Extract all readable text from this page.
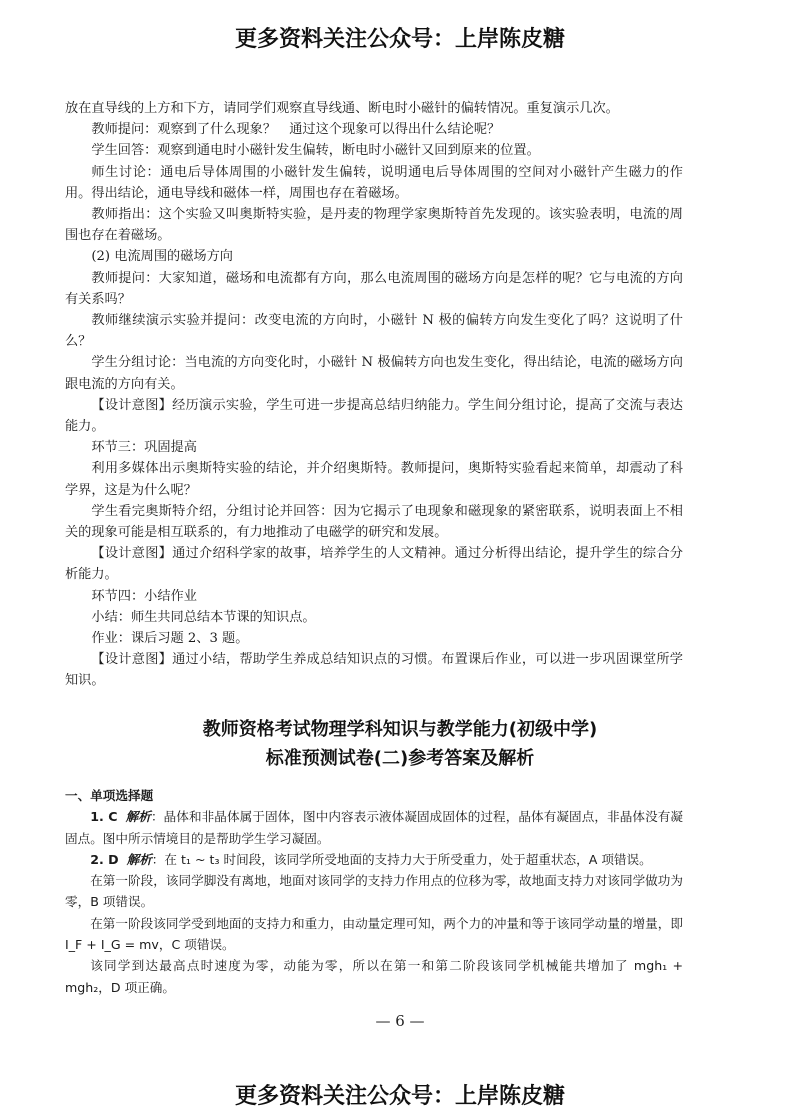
更多资料关注公众号：上岸陈皮糖

放在直导线的上方和下方，请同学们观察直导线通、断电时小磁针的偏转情况。重复演示几次。

教师提问：观察到了什么现象？　通过这个现象可以得出什么结论呢？

学生回答：观察到通电时小磁针发生偏转，断电时小磁针又回到原来的位置。

师生讨论：通电后导体周围的小磁针发生偏转，说明通电后导体周围的空间对小磁针产生磁力的作用。得出结论，通电导线和磁体一样，周围也存在着磁场。

教师指出：这个实验又叫奥斯特实验，是丹麦的物理学家奥斯特首先发现的。该实验表明，电流的周围也存在着磁场。

(2) 电流周围的磁场方向

教师提问：大家知道，磁场和电流都有方向，那么电流周围的磁场方向是怎样的呢？它与电流的方向有关系吗？

教师继续演示实验并提问：改变电流的方向时，小磁针 N 极的偏转方向发生变化了吗？这说明了什么？

学生分组讨论：当电流的方向变化时，小磁针 N 极偏转方向也发生变化，得出结论，电流的磁场方向跟电流的方向有关。

【设计意图】经历演示实验，学生可进一步提高总结归纳能力。学生间分组讨论，提高了交流与表达能力。

环节三：巩固提高

利用多媒体出示奥斯特实验的结论，并介绍奥斯特。教师提问，奥斯特实验看起来简单，却震动了科学界，这是为什么呢？

学生看完奥斯特介绍，分组讨论并回答：因为它揭示了电现象和磁现象的紧密联系，说明表面上不相关的现象可能是相互联系的，有力地推动了电磁学的研究和发展。

【设计意图】通过介绍科学家的故事，培养学生的人文精神。通过分析得出结论，提升学生的综合分析能力。

环节四：小结作业

小结：师生共同总结本节课的知识点。

作业：课后习题 2、3 题。

【设计意图】通过小结，帮助学生养成总结知识点的习惯。布置课后作业，可以进一步巩固课堂所学知识。

教师资格考试物理学科知识与教学能力(初级中学)
标准预测试卷(二)参考答案及解析

一、单项选择题

1. C 解析：晶体和非晶体属于固体，图中内容表示液体凝固成固体的过程，晶体有凝固点，非晶体没有凝固点。图中所示情境目的是帮助学生学习凝固。

2. D 解析：在 t₁ ~ t₃ 时间段，该同学所受地面的支持力大于所受重力，处于超重状态，A 项错误。

在第一阶段，该同学脚没有离地，地面对该同学的支持力作用点的位移为零，故地面支持力对该同学做功为零，B 项错误。

在第一阶段该同学受到地面的支持力和重力，由动量定理可知，两个力的冲量和等于该同学动量的增量，即 I_F + I_G = mv，C 项错误。

该同学到达最高点时速度为零，动能为零，所以在第一和第二阶段该同学机械能共增加了 mgh₁ + mgh₂，D 项正确。

— 6 —
更多资料关注公众号：上岸陈皮糖
